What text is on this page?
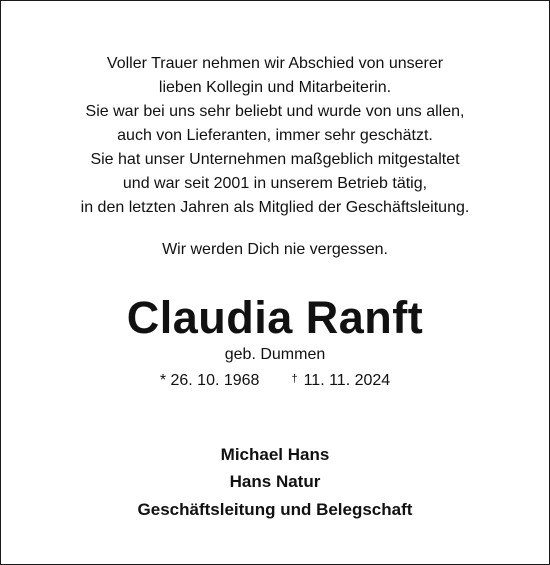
Voller Trauer nehmen wir Abschied von unserer
lieben Kollegin und Mitarbeiterin.

Sie war bei uns sehr beliebt und wurde von uns allen,
auch von Lieferanten, immer sehr geschätzt.

Sie hat unser Unternehmen maßgeblich mitgestaltet
und war seit 2001 in unserem Betrieb tätig,
in den letzten Jahren als Mitglied der Geschäftsleitung.

Wir werden Dich nie vergessen.

Claudia Ranft
geb. Dummen
* 26. 10. 1968	† 11. 11. 2024
Michael Hans
Hans Natur
Geschäftsleitung und Belegschaft
